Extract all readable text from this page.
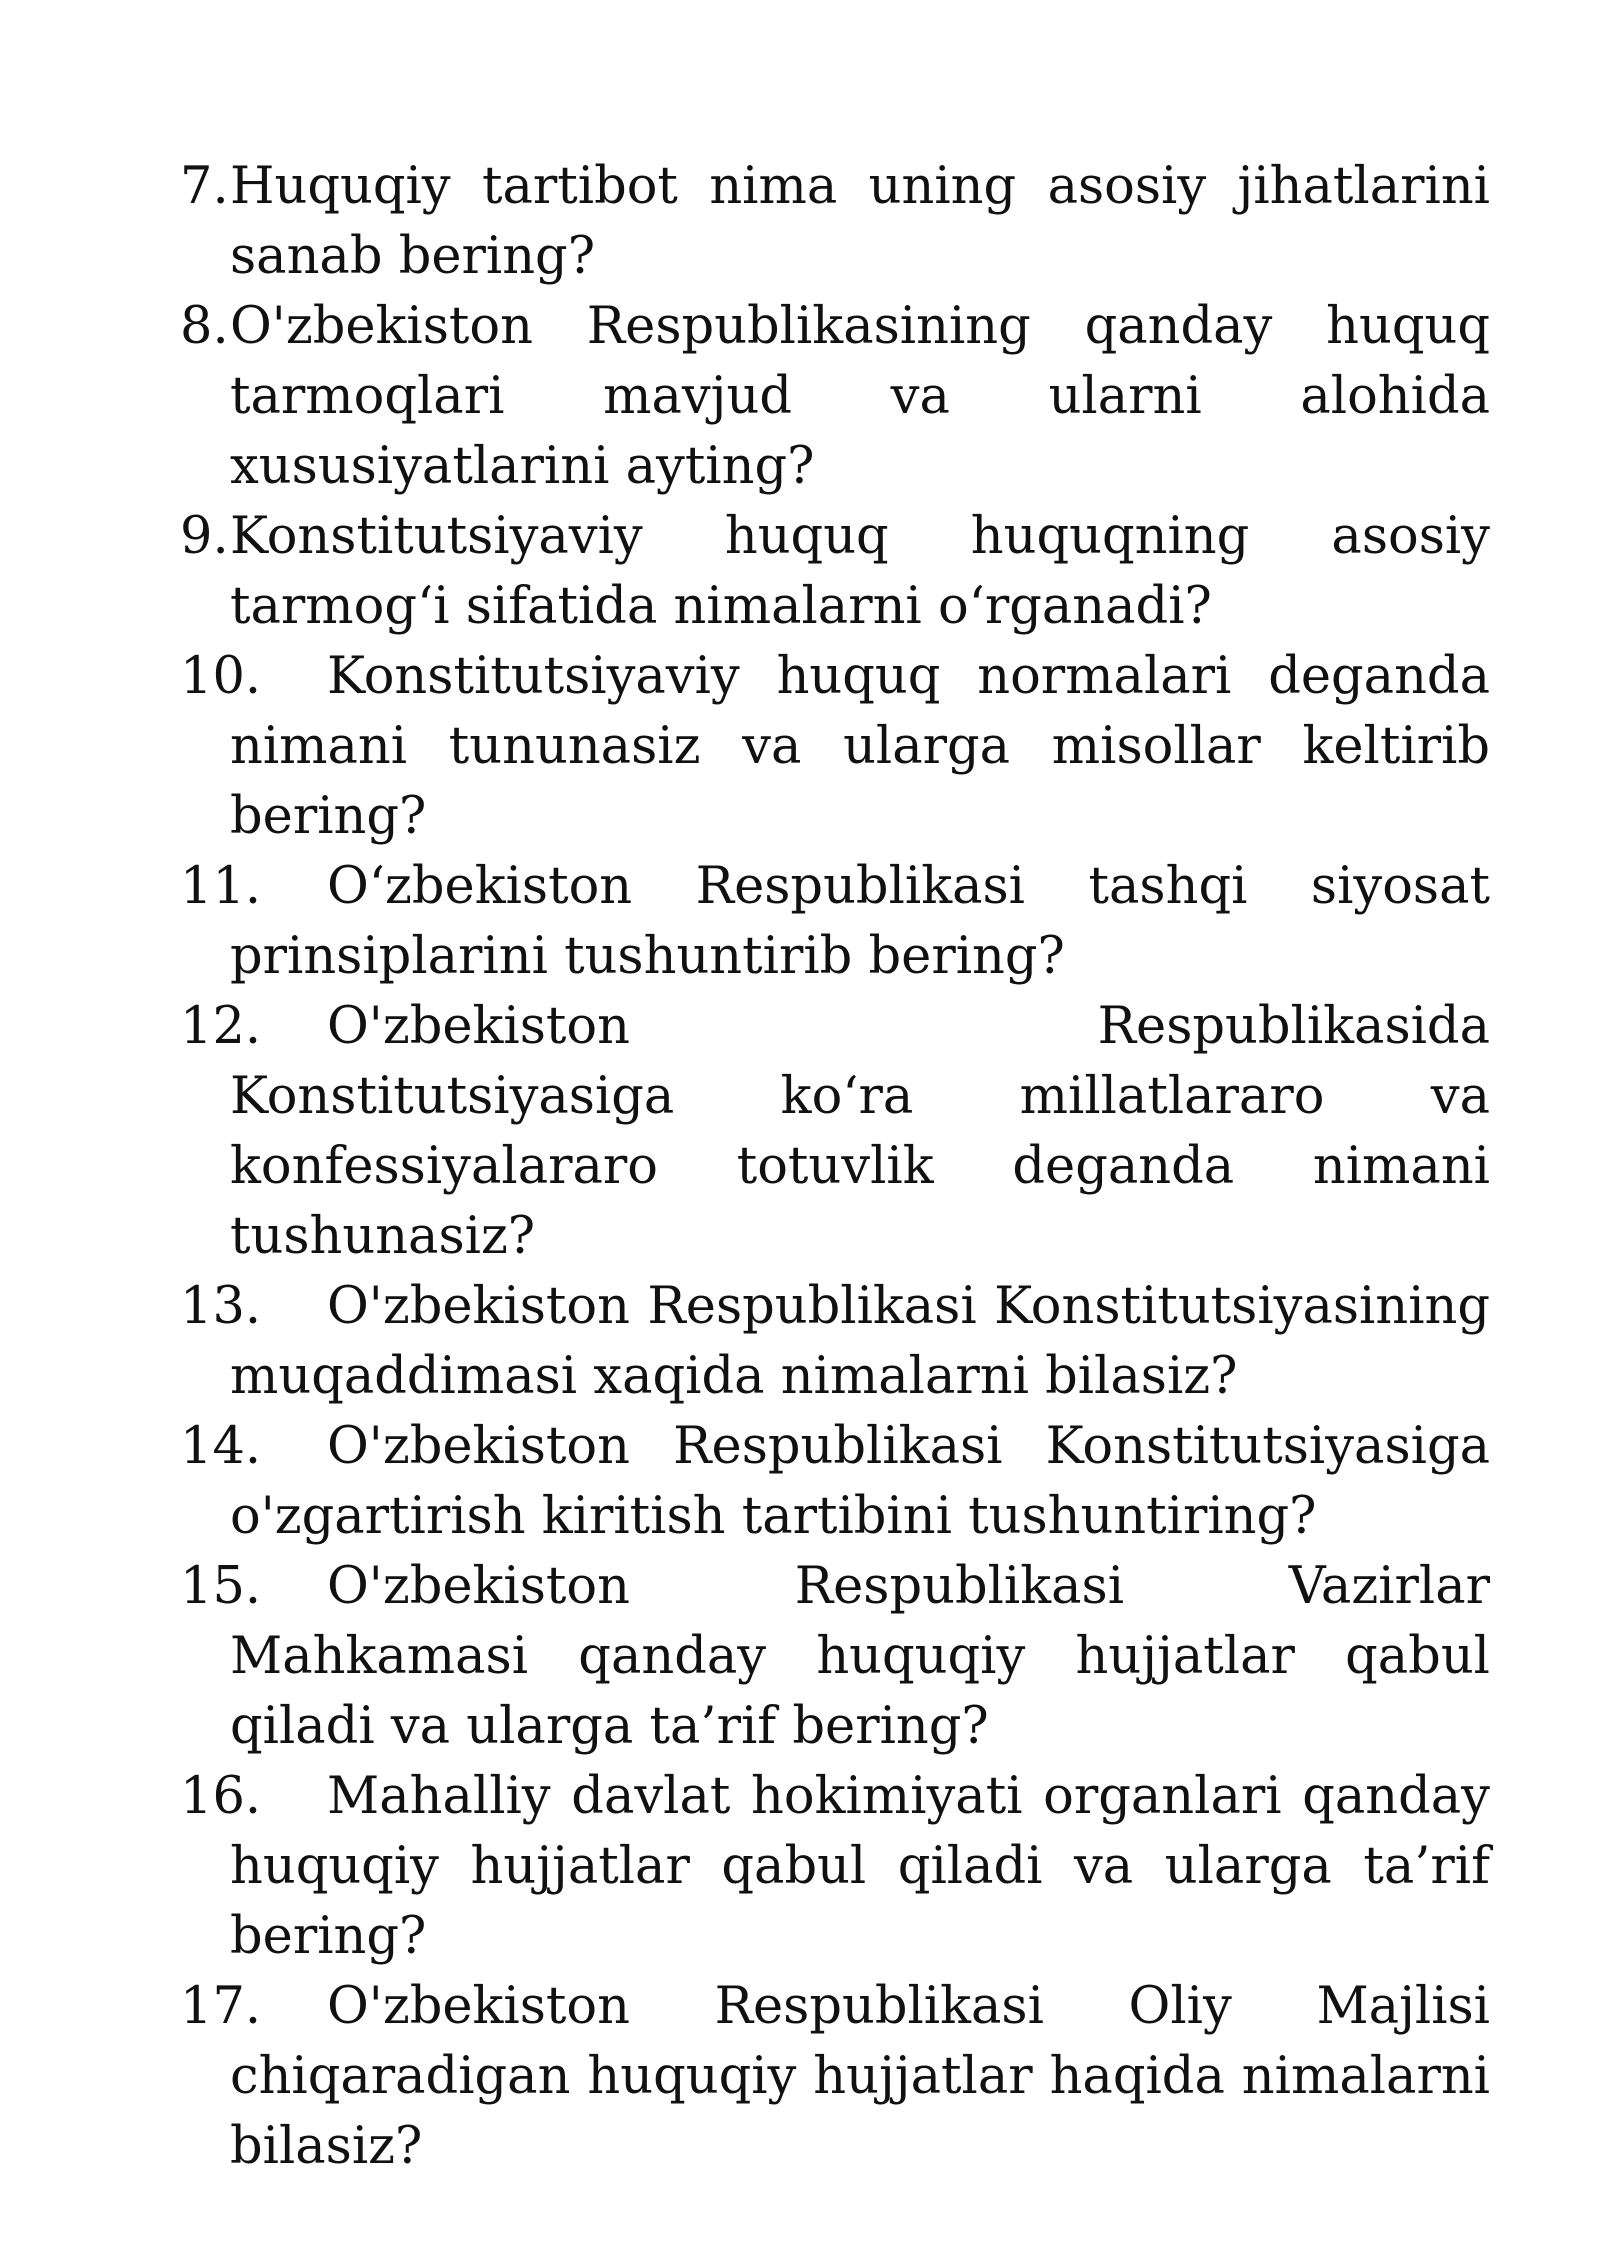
7. Huquqiy tartibot nima uning asosiy jihatlarini sanab bering?
8. O'zbekiston Respublikasining qanday huquq tarmoqlari mavjud va ularni alohida xususiyatlarini ayting?
9. Konstitutsiyaviy huquq huquqning asosiy tarmog‘i sifatida nimalarni o‘rganadi?
10. Konstitutsiyaviy huquq normalari deganda nimani tununasiz va ularga misollar keltirib bering?
11. O‘zbekiston Respublikasi tashqi siyosat prinsiplarini tushuntirib bering?
12. O'zbekiston Respublikasida Konstitutsiyasiga ko‘ra millatlararo va konfessiyalararo totuvlik deganda nimani tushunasiz?
13. O'zbekiston Respublikasi Konstitutsiyasining muqaddimasi xaqida nimalarni bilasiz?
14. O'zbekiston Respublikasi Konstitutsiyasiga o'zgartirish kiritish tartibini tushuntiring?
15. O'zbekiston Respublikasi Vazirlar Mahkamasi qanday huquqiy hujjatlar qabul qiladi va ularga ta’rif bering?
16. Mahalliy davlat hokimiyati organlari qanday huquqiy hujjatlar qabul qiladi va ularga ta’rif bering?
17. O'zbekiston Respublikasi Oliy Majlisi chiqaradigan huquqiy hujjatlar haqida nimalarni bilasiz?
